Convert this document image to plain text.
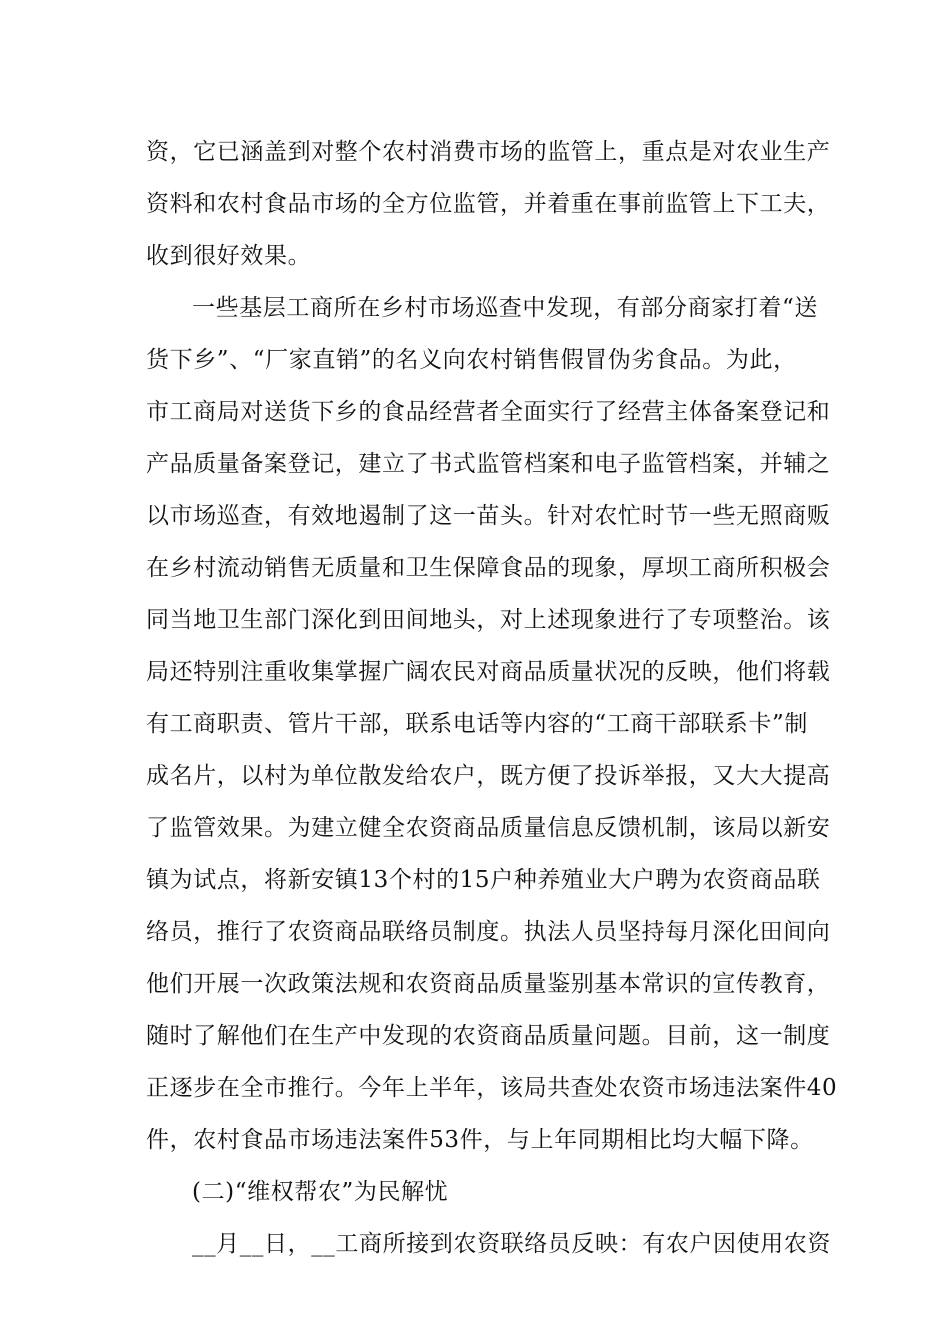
资，它已涵盖到对整个农村消费市场的监管上，重点是对农业生产
资料和农村食品市场的全方位监管，并着重在事前监管上下工夫，
收到很好效果。
一些基层工商所在乡村市场巡查中发现，有部分商家打着“送
货下乡”、“厂家直销”的名义向农村销售假冒伪劣食品。为此，
市工商局对送货下乡的食品经营者全面实行了经营主体备案登记和
产品质量备案登记，建立了书式监管档案和电子监管档案，并辅之
以市场巡查，有效地遏制了这一苗头。针对农忙时节一些无照商贩
在乡村流动销售无质量和卫生保障食品的现象，厚坝工商所积极会
同当地卫生部门深化到田间地头，对上述现象进行了专项整治。该
局还特别注重收集掌握广阔农民对商品质量状况的反映，他们将载
有工商职责、管片干部，联系电话等内容的“工商干部联系卡”制
成名片，以村为单位散发给农户，既方便了投诉举报，又大大提高
了监管效果。为建立健全农资商品质量信息反馈机制，该局以新安
镇为试点，将新安镇13个村的15户种养殖业大户聘为农资商品联
络员，推行了农资商品联络员制度。执法人员坚持每月深化田间向
他们开展一次政策法规和农资商品质量鉴别基本常识的宣传教育，
随时了解他们在生产中发现的农资商品质量问题。目前，这一制度
正逐步在全市推行。今年上半年，该局共查处农资市场违法案件40
件，农村食品市场违法案件53件，与上年同期相比均大幅下降。
(二)“维权帮农”为民解忧
__月__日，__工商所接到农资联络员反映：有农户因使用农资
